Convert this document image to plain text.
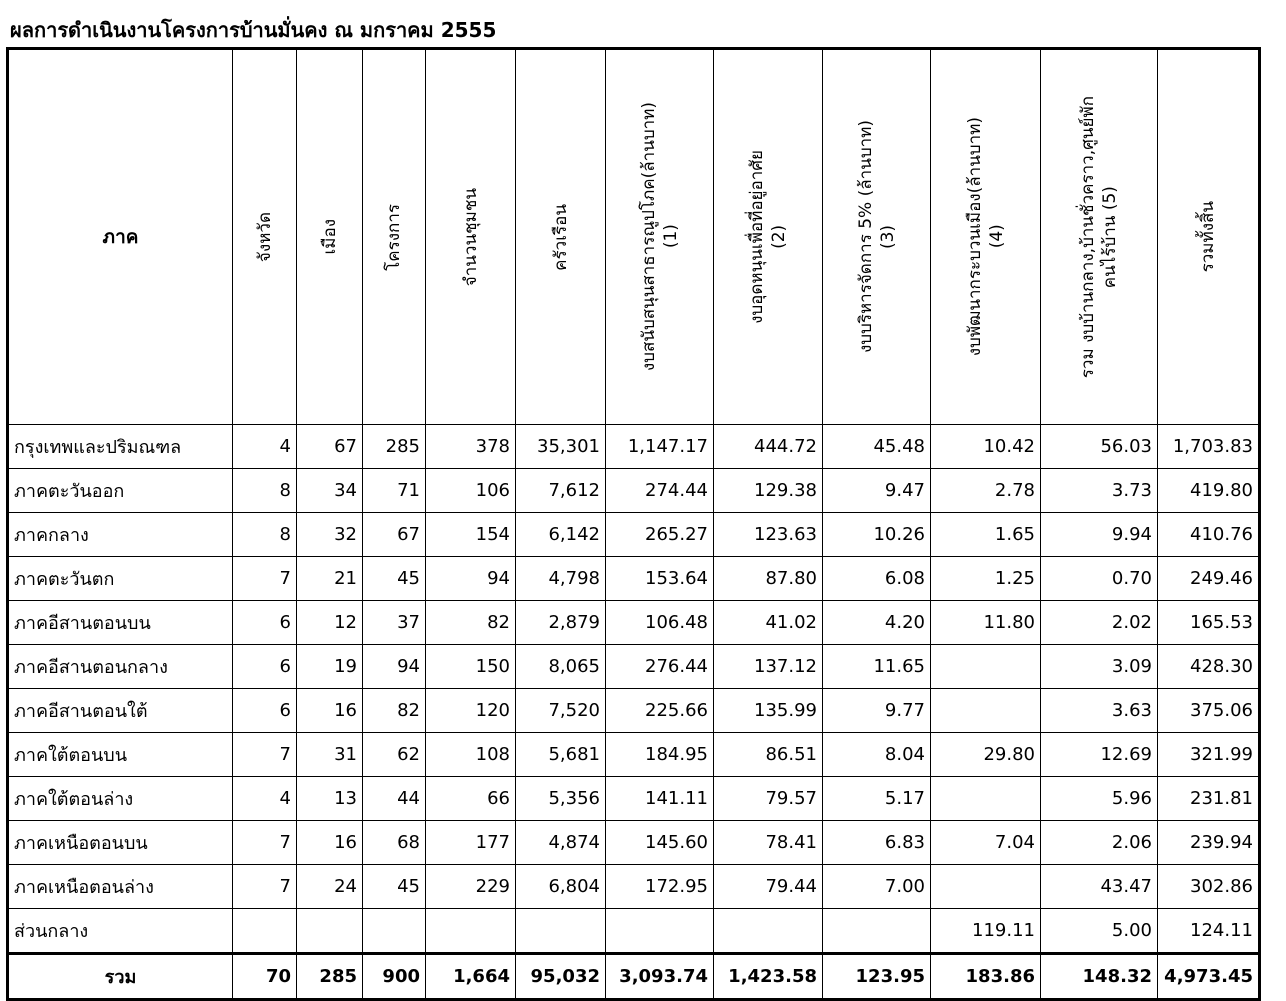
ผลการดำเนินงานโครงการบ้านมั่นคง ณ มกราคม 2555
ภาค	จังหวัด	เมือง	โครงการ	จำนวนชุมชน	ครัวเรือน	งบสนับสนุนสาธารณูปโภค(ล้านบาท) (1)	งบอุดหนุนเพื่อที่อยู่อาศัย (2)	งบบริหารจัดการ 5% (ล้านบาท) (3)	งบพัฒนากระบวนเมือง(ล้านบาท) (4)	รวม งบบ้านกลาง,บ้านชั่วคราว,ศูนย์พัก คนไร้บ้าน (5)	รวมทั้งสิ้น

กรุงเทพและปริมณฑล	4	67	285	378	35,301	1,147.17	444.72	45.48	10.42	56.03	1,703.83
ภาคตะวันออก	8	34	71	106	7,612	274.44	129.38	9.47	2.78	3.73	419.80
ภาคกลาง	8	32	67	154	6,142	265.27	123.63	10.26	1.65	9.94	410.76
ภาคตะวันตก	7	21	45	94	4,798	153.64	87.80	6.08	1.25	0.70	249.46
ภาคอีสานตอนบน	6	12	37	82	2,879	106.48	41.02	4.20	11.80	2.02	165.53
ภาคอีสานตอนกลาง	6	19	94	150	8,065	276.44	137.12	11.65		3.09	428.30
ภาคอีสานตอนใต้	6	16	82	120	7,520	225.66	135.99	9.77		3.63	375.06
ภาคใต้ตอนบน	7	31	62	108	5,681	184.95	86.51	8.04	29.80	12.69	321.99
ภาคใต้ตอนล่าง	4	13	44	66	5,356	141.11	79.57	5.17		5.96	231.81
ภาคเหนือตอนบน	7	16	68	177	4,874	145.60	78.41	6.83	7.04	2.06	239.94
ภาคเหนือตอนล่าง	7	24	45	229	6,804	172.95	79.44	7.00		43.47	302.86
ส่วนกลาง									119.11	5.00	124.11
รวม	70	285	900	1,664	95,032	3,093.74	1,423.58	123.95	183.86	148.32	4,973.45
